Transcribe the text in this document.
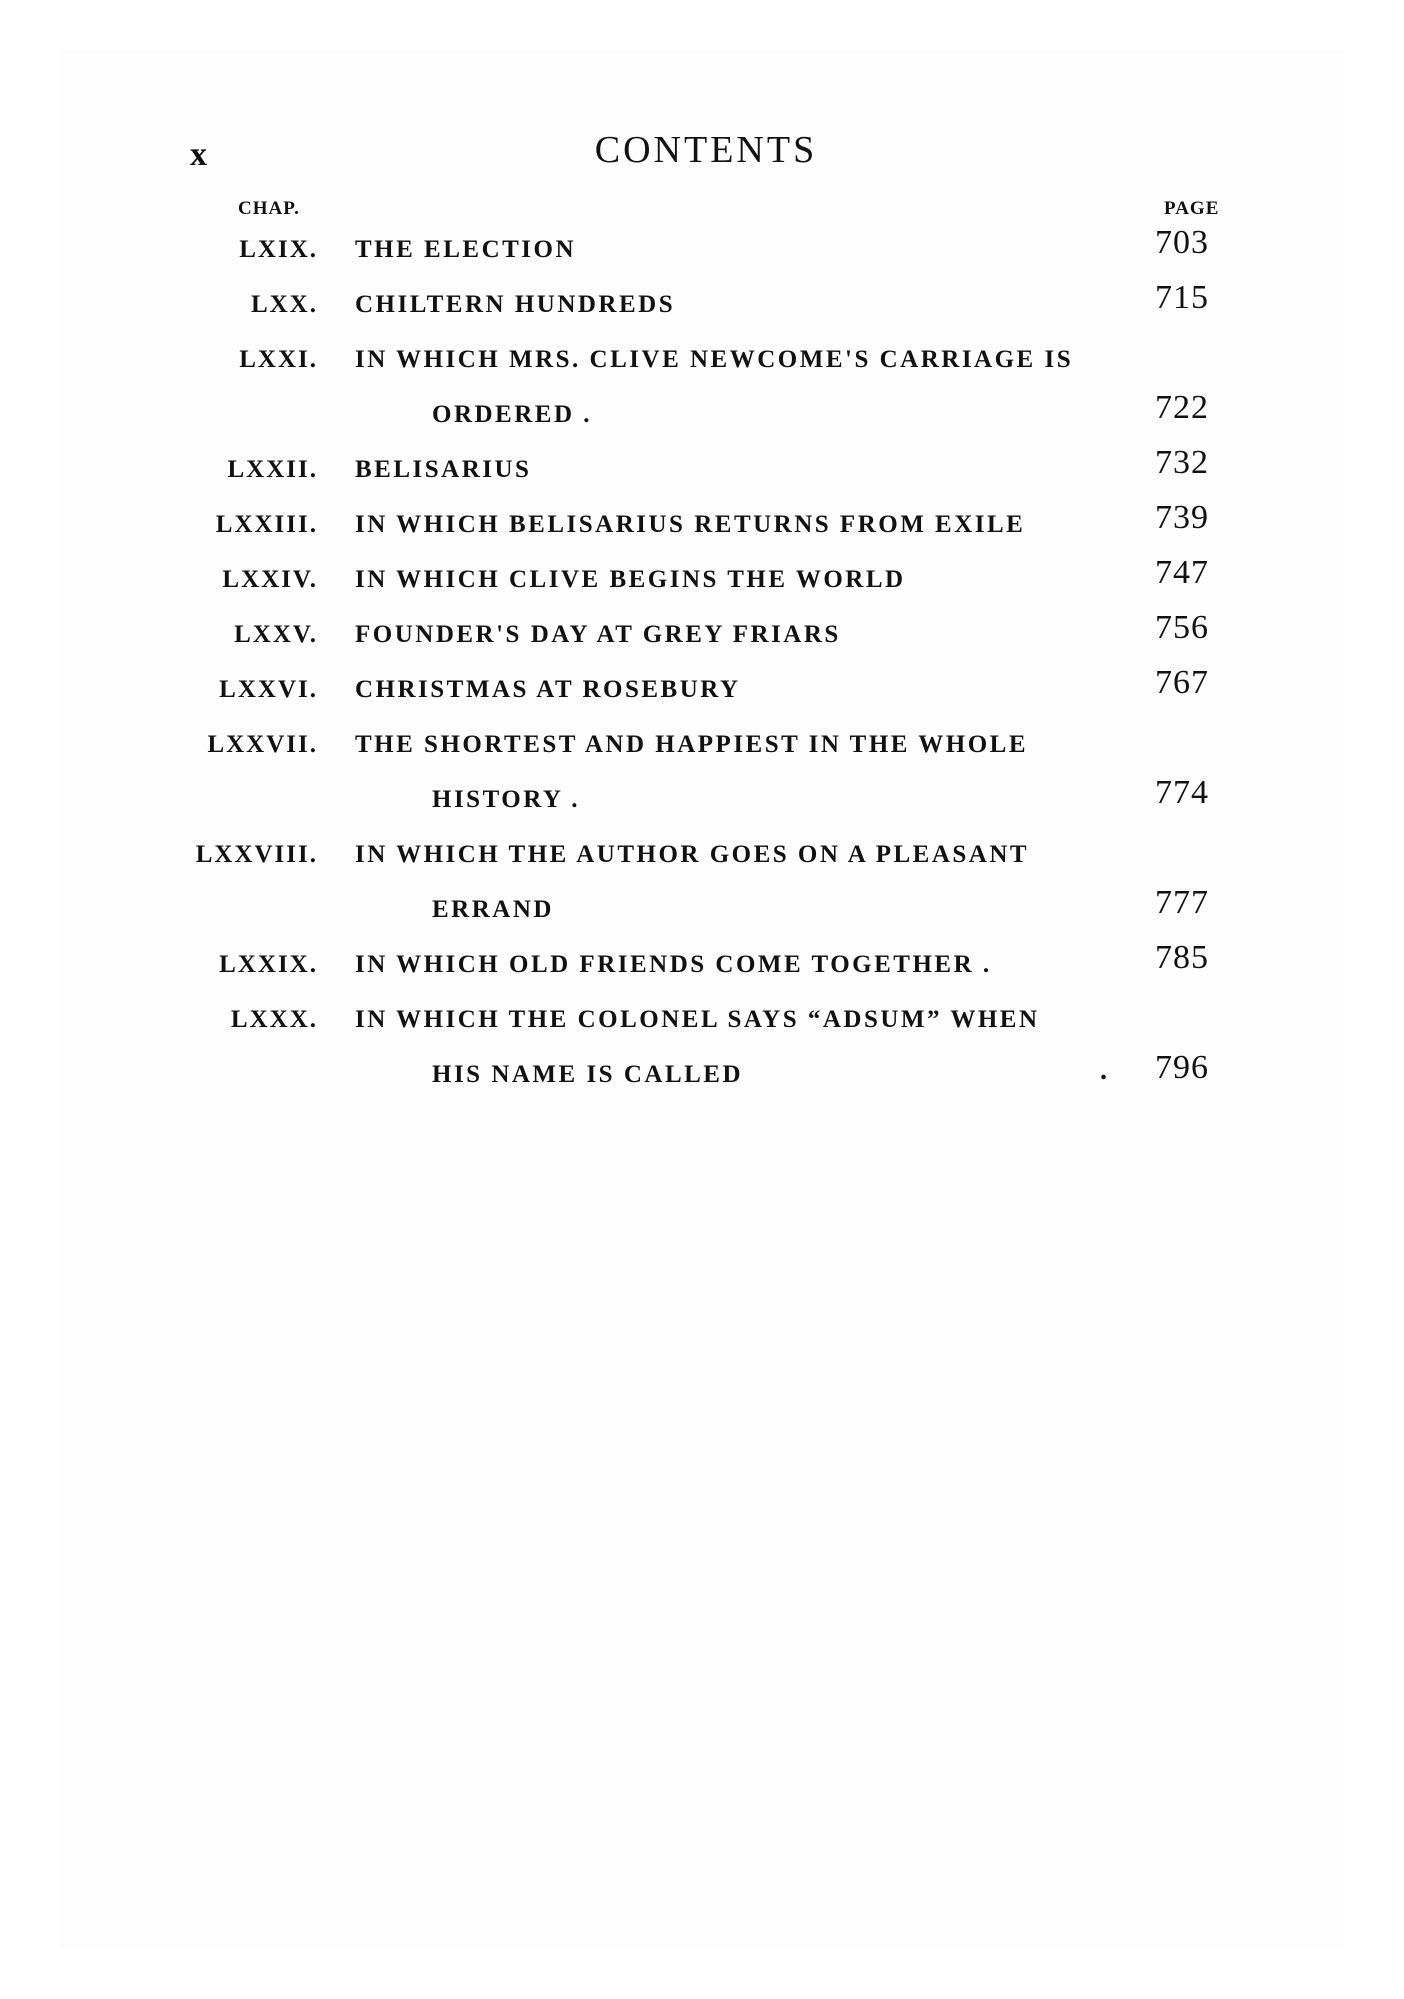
x	CONTENTS
CHAP.	PAGE
LXIX. THE ELECTION	703
LXX. CHILTERN HUNDREDS	715
LXXI. IN WHICH MRS. CLIVE NEWCOME'S CARRIAGE IS
ORDERED .	722
LXXII. BELISARIUS	732
LXXIII. IN WHICH BELISARIUS RETURNS FROM EXILE	739
LXXIV. IN WHICH CLIVE BEGINS THE WORLD	747
LXXV. FOUNDER'S DAY AT GREY FRIARS	756
LXXVI. CHRISTMAS AT ROSEBURY	767
LXXVII. THE SHORTEST AND HAPPIEST IN THE WHOLE
HISTORY .	774
LXXVIII. IN WHICH THE AUTHOR GOES ON A PLEASANT
ERRAND	777
LXXIX. IN WHICH OLD FRIENDS COME TOGETHER .	785
LXXX. IN WHICH THE COLONEL SAYS “ADSUM” WHEN
HIS NAME IS CALLED	. 796
